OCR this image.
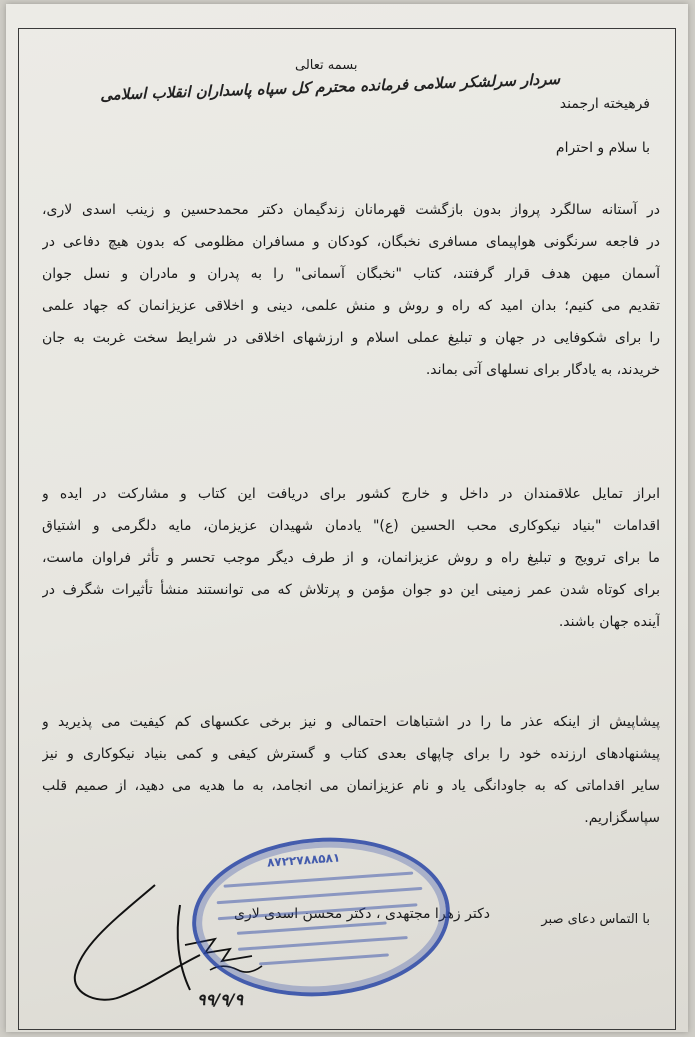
بسمه تعالی
فرهیخته ارجمند
سردار سرلشکر سلامی فرمانده محترم کل سپاه پاسداران انقلاب اسلامی
با سلام و احترام
در آستانه سالگرد پرواز بدون بازگشت قهرمانان زندگیمان دکتر محمدحسین و زینب اسدی لاری،
در فاجعه سرنگونی هواپیمای مسافری نخبگان، کودکان و مسافران مظلومی که بدون هیچ دفاعی در
آسمان میهن هدف قرار گرفتند، کتاب "نخبگان آسمانی" را به پدران و مادران و نسل جوان
تقدیم می کنیم؛ بدان امید که راه و روش و منش علمی، دینی و اخلاقی عزیزانمان که جهاد علمی
را برای شکوفایی در جهان و تبلیغ عملی اسلام و ارزشهای اخلاقی در شرایط سخت غربت به جان
خریدند، به یادگار برای نسلهای آتی بماند.
ابراز تمایل علاقمندان در داخل و خارج کشور برای دریافت این کتاب و مشارکت در ایده و
اقدامات "بنیاد نیکوکاری محب الحسین (ع)" یادمان شهیدان عزیزمان، مایه دلگرمی و اشتیاق
ما برای ترویج و تبلیغ راه و روش عزیزانمان، و از طرف دیگر موجب تحسر و تأثر فراوان ماست،
برای کوتاه شدن عمر زمینی این دو جوان مؤمن و پرتلاش که می توانستند منشأ تأثیرات شگرف در
آینده جهان باشند.
پیشاپیش از اینکه عذر ما را در اشتباهات احتمالی و نیز برخی عکسهای کم کیفیت می پذیرید و
پیشنهادهای ارزنده خود را برای چاپهای بعدی کتاب و گسترش کیفی و کمی بنیاد نیکوکاری و نیز
سایر اقداماتی که به جاودانگی یاد و نام عزیزانمان می انجامد، به ما هدیه می دهید، از صمیم قلب
سپاسگزاریم.
با التماس دعای صبر
دکتر زهرا مجتهدی ، دکتر محسن اسدی لاری
۸۷۲۲۷۸۸۵۸۱
۹۹/۹/۹
